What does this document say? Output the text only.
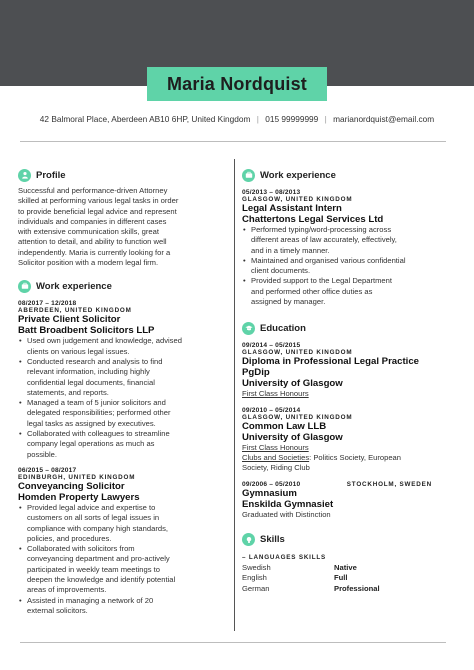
Maria Nordquist
42 Balmoral Place, Aberdeen AB10 6HP, United Kingdom | 015 99999999 | marianordquist@email.com
Profile
Successful and performance-driven Attorney
skilled at performing various legal tasks in order
to provide beneficial legal advice and represent
individuals and companies in different cases
with extensive communication skills, great
attention to detail, and ability to function well
independently. Maria is currently looking for a
Solicitor position with a modern legal firm.
Work experience
08/2017 – 12/2018
ABERDEEN, UNITED KINGDOM
Private Client Solicitor
Batt Broadbent Solicitors LLP
• Used own judgement and knowledge, advised
clients on various legal issues.
• Conducted research and analysis to find
relevant information, including highly
confidential legal documents, financial
statements, and reports.
• Managed a team of 5 junior solicitors and
delegated responsibilities; performed other
legal tasks as assigned by executives.
• Collaborated with colleagues to streamline
company legal operations as much as
possible.
06/2015 – 08/2017
EDINBURGH, UNITED KINGDOM
Conveyancing Solicitor
Homden Property Lawyers
• Provided legal advice and expertise to
customers on all sorts of legal issues in
compliance with company high standards,
policies, and procedures.
• Collaborated with solicitors from
conveyancing department and pro-actively
participated in weekly team meetings to
deepen the knowledge and identify potential
areas of improvements.
• Assisted in managing a network of 20
external solicitors.
Work experience
05/2013 – 08/2013
GLASGOW, UNITED KINGDOM
Legal Assistant Intern
Chattertons Legal Services Ltd
• Performed typing/word-processing across
different areas of law accurately, effectively,
and in a timely manner.
• Maintained and organised various confidential
client documents.
• Provided support to the Legal Department
and performed other office duties as
assigned by manager.
Education
09/2014 – 05/2015
GLASGOW, UNITED KINGDOM
Diploma in Professional Legal Practice
PgDip
University of Glasgow
First Class Honours
09/2010 – 05/2014
GLASGOW, UNITED KINGDOM
Common Law LLB
University of Glasgow
First Class Honours
Clubs and Societies: Politics Society, European
Society, Riding Club
09/2006 – 05/2010	STOCKHOLM, SWEDEN
Gymnasium
Enskilda Gymnasiet
Graduated with Distinction
Skills
– LANGUAGES SKILLS
Swedish	Native
English	Full
German	Professional
